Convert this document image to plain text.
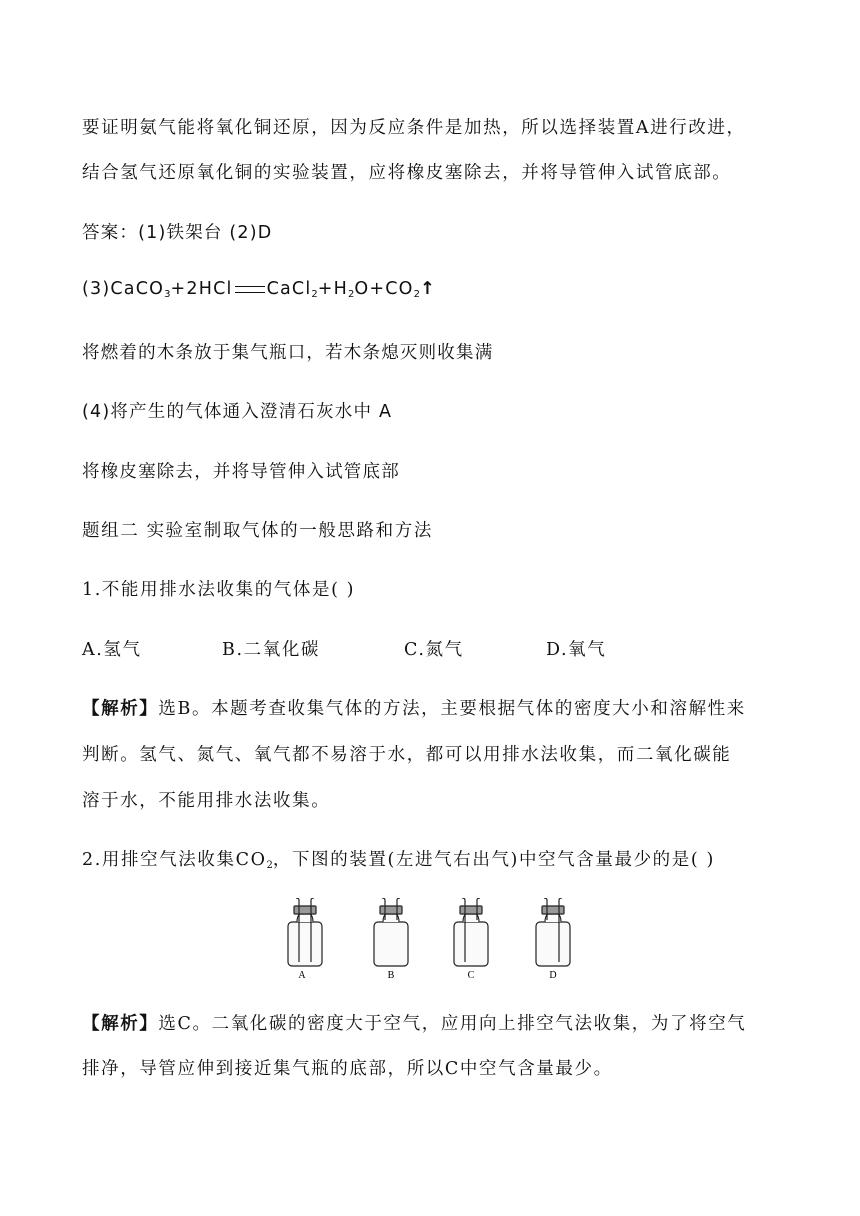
要证明氨气能将氧化铜还原，因为反应条件是加热，所以选择装置A进行改进，
结合氢气还原氧化铜的实验装置，应将橡皮塞除去，并将导管伸入试管底部。
答案：(1)铁架台 (2)D
(3)CaCO$_3$+2HCl $CaCl_2+H_2O+CO_2↑$
将燃着的木条放于集气瓶口，若木条熄灭则收集满
(4)将产生的气体通入澄清石灰水中 A
将橡皮塞除去，并将导管伸入试管底部
题组二 实验室制取气体的一般思路和方法
1.不能用排水法收集的气体是( )
A.氢气	B.二氧化碳	C.氮气	D.氧气
【解析】选B。本题考查收集气体的方法，主要根据气体的密度大小和溶解性来
判断。氢气、氮气、氧气都不易溶于水，都可以用排水法收集，而二氧化碳能
溶于水，不能用排水法收集。
2.用排空气法收集$CO_2$，下图的装置(左进气右出气)中空气含量最少的是( )
A	B	C	D
【解析】选C。二氧化碳的密度大于空气，应用向上排空气法收集，为了将空气
排净，导管应伸到接近集气瓶的底部，所以C中空气含量最少。
